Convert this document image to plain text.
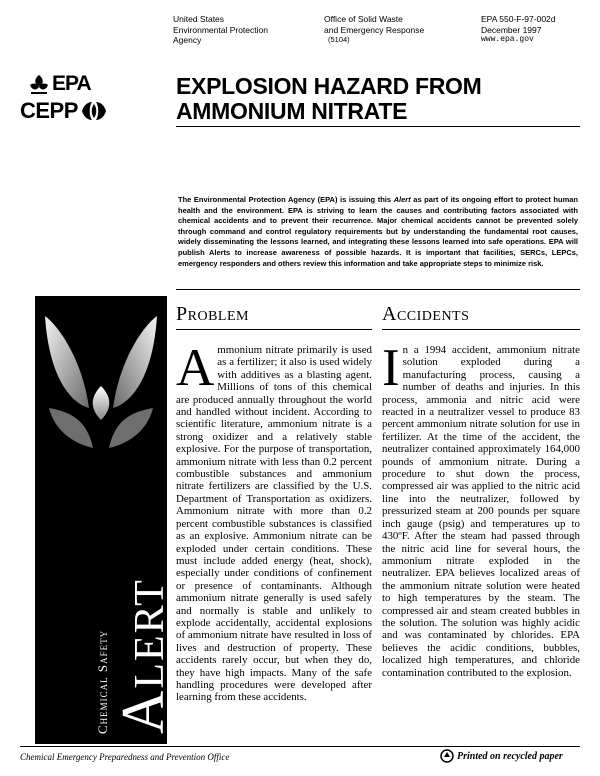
United States
Environmental Protection
Agency
Office of Solid Waste
and Emergency Response
(5104)
EPA 550-F-97-002d
December 1997
www.epa.gov
EPA
CEPP
EXPLOSION HAZARD FROM
AMMONIUM NITRATE
The Environmental Protection Agency (EPA) is issuing this Alert as part of its ongoing effort to protect human health and the environment. EPA is striving to learn the causes and contributing factors associated with chemical accidents and to prevent their recurrence. Major chemical accidents cannot be prevented solely through command and control regulatory requirements but by understanding the fundamental root causes, widely disseminating the lessons learned, and integrating these lessons learned into safe operations. EPA will publish Alerts to increase awareness of possible hazards. It is important that facilities, SERCs, LEPCs, emergency responders and others review this information and take appropriate steps to minimize risk.
Chemical Safety Alert
Problem	Accidents
Ammonium nitrate primarily is used as a fertilizer; it also is used widely with additives as a blasting agent. Millions of tons of this chemical are produced annually throughout the world and handled without incident. According to scientific literature, ammonium nitrate is a strong oxidizer and a relatively stable explosive. For the purpose of transportation, ammonium nitrate with less than 0.2 percent combustible substances and ammonium nitrate fertilizers are classified by the U.S. Department of Transportation as oxidizers. Ammonium nitrate with more than 0.2 percent combustible substances is classified as an explosive. Ammonium nitrate can be exploded under certain conditions. These must include added energy (heat, shock), especially under conditions of confinement or presence of contaminants. Although ammonium nitrate generally is used safely and normally is stable and unlikely to explode accidentally, accidental explosions of ammonium nitrate have resulted in loss of lives and destruction of property. These accidents rarely occur, but when they do, they have high impacts. Many of the safe handling procedures were developed after learning from these accidents.
In a 1994 accident, ammonium nitrate solution exploded during a manufacturing process, causing a number of deaths and injuries. In this process, ammonia and nitric acid were reacted in a neutralizer vessel to produce 83 percent ammonium nitrate solution for use in fertilizer. At the time of the accident, the neutralizer contained approximately 164,000 pounds of ammonium nitrate. During a procedure to shut down the process, compressed air was applied to the nitric acid line into the neutralizer, followed by pressurized steam at 200 pounds per square inch gauge (psig) and temperatures up to 430ºF. After the steam had passed through the nitric acid line for several hours, the ammonium nitrate exploded in the neutralizer. EPA believes localized areas of the ammonium nitrate solution were heated to high temperatures by the steam. The compressed air and steam created bubbles in the solution. The solution was highly acidic and was contaminated by chlorides. EPA believes the acidic conditions, bubbles, localized high temperatures, and chloride contamination contributed to the explosion.
Chemical Emergency Preparedness and Prevention Office	Printed on recycled paper
